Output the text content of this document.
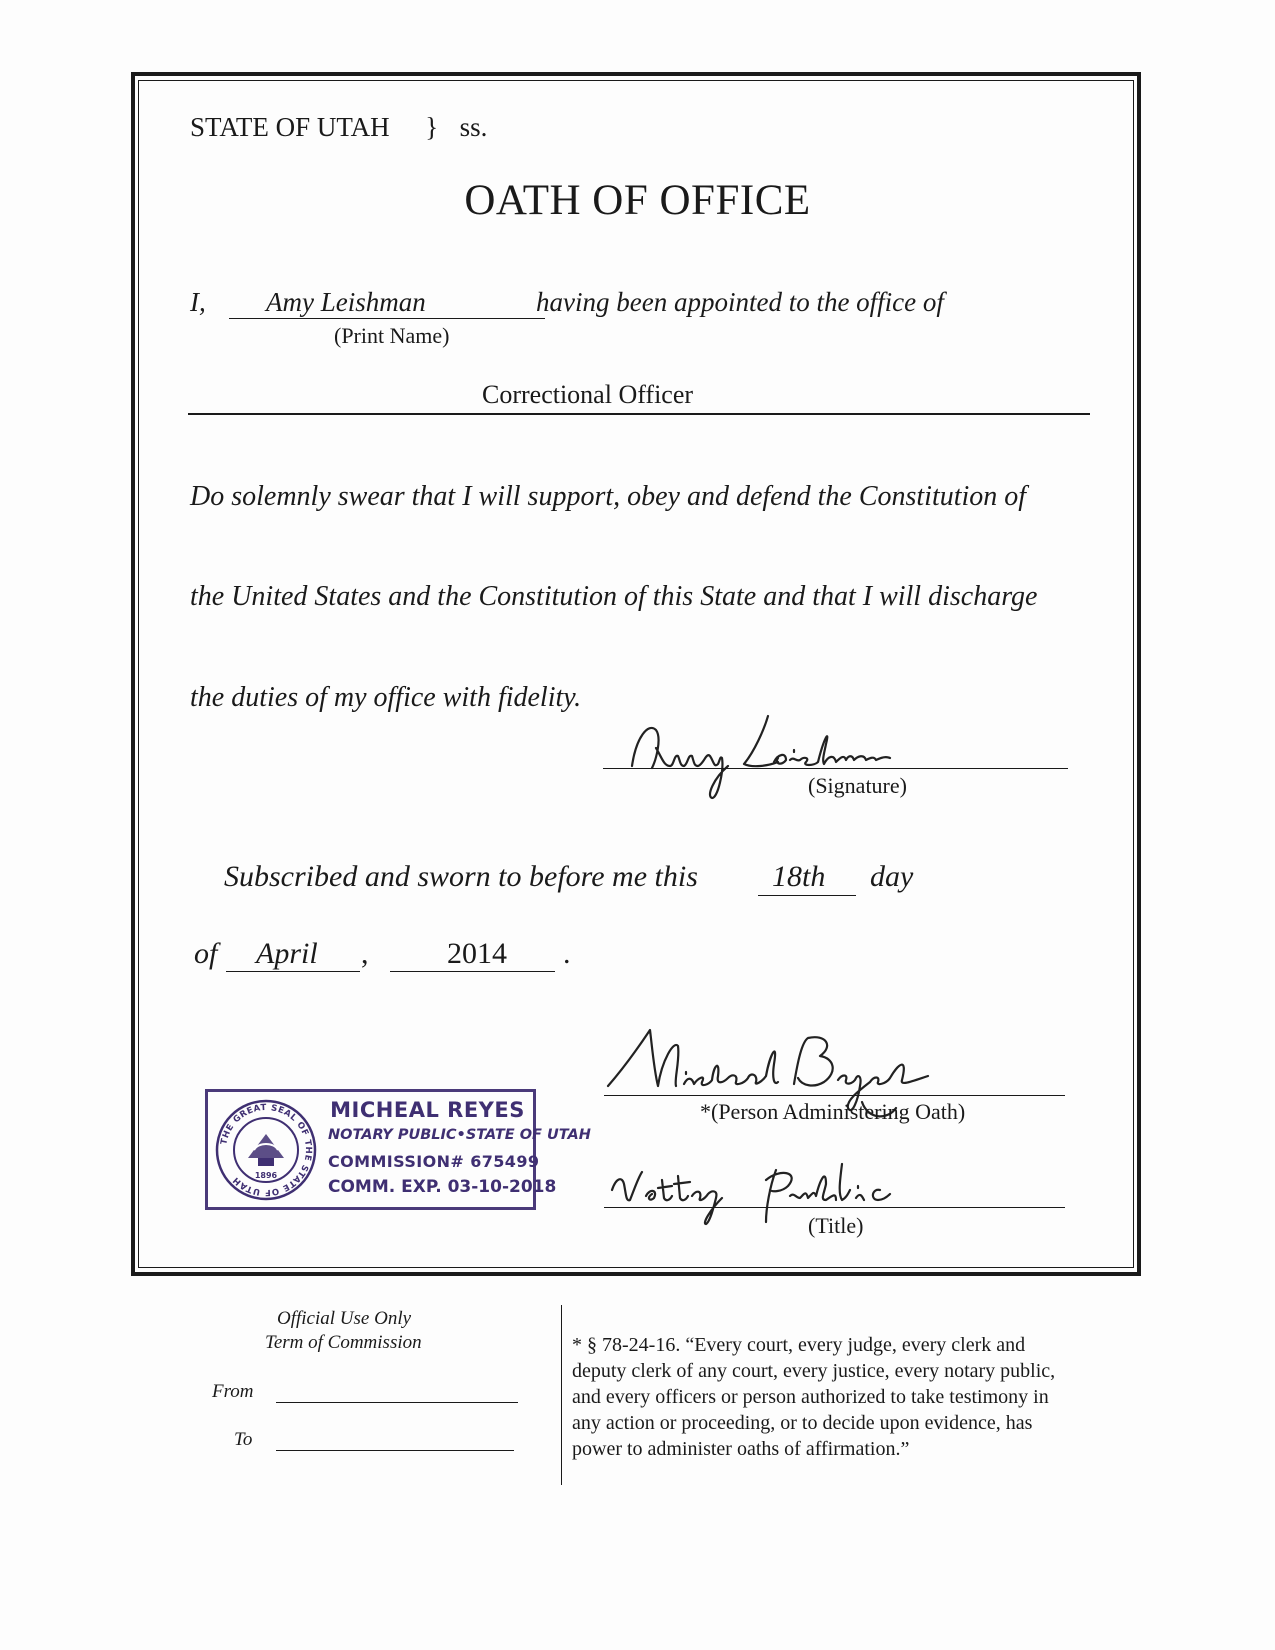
STATE OF UTAH } ss.
OATH OF OFFICE
I, Amy Leishman	having been appointed to the office of
(Print Name)
Correctional Officer
Do solemnly swear that I will support, obey and defend the Constitution of
the United States and the Constitution of this State and that I will discharge
the duties of my office with fidelity.
(Signature)
Subscribed and sworn to before me this 18th day
of April ,	2014 .
THE GREAT SEAL OF THE STATE OF UTAH	1896
MICHEAL REYES
NOTARY PUBLIC•STATE OF UTAH
COMMISSION# 675499
COMM. EXP. 03-10-2018
*(Person Administering Oath)
(Title)
Official Use Only
Term of Commission
From
To
* § 78-24-16. “Every court, every judge, every clerk and
deputy clerk of any court, every justice, every notary public,
and every officers or person authorized to take testimony in
any action or proceeding, or to decide upon evidence, has
power to administer oaths of affirmation.”
